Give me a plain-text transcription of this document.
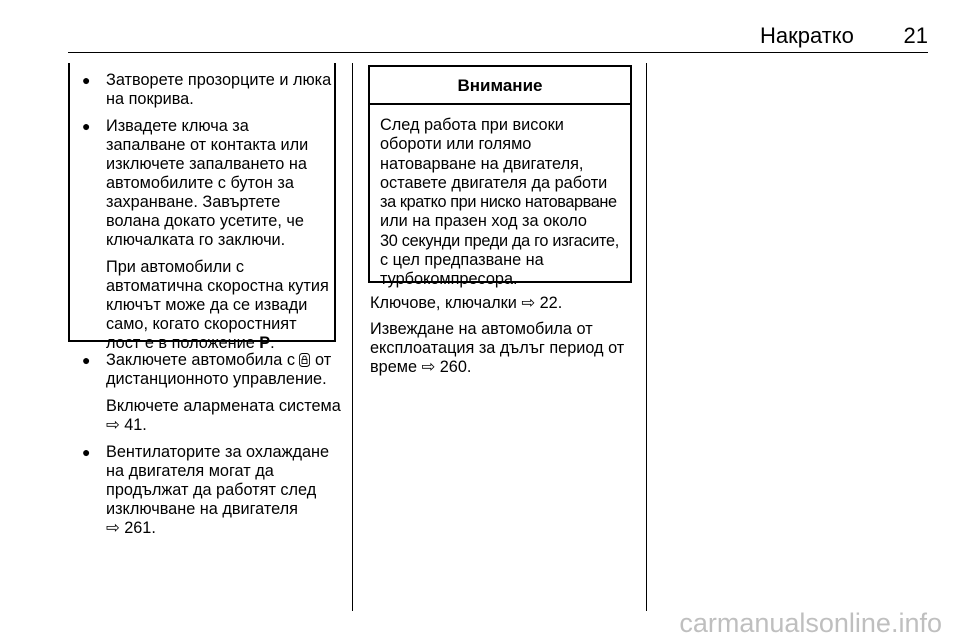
Накратко 21
● Затворете прозорците и люка

на покрива.

● Извадете ключа за

запалване от контакта или

изключете запалването на

автомобилите с бутон за

захранване. Завъртете

волана докато усетите, че

ключалката го заключи.

При автомобили с

автоматична скоростна кутия

ключът може да се извади

само, когато скоростният

лост е в положение P.

● Заключете автомобила с  от

дистанционното управление.

Включете алармената система

⇨ 41.

● Вентилаторите за охлаждане

на двигателя могат да

продължат да работят след

изключване на двигателя

⇨ 261.

Внимание

След работа при високи

обороти или голямо

натоварване на двигателя,

оставете двигателя да работи

за кратко при ниско натоварване

или на празен ход за около

30 секунди преди да го изгасите,

с цел предпазване на

турбокомпресора.

Ключове, ключалки ⇨ 22.

Извеждане на автомобила от

експлоатация за дълъг период от

време ⇨ 260.

carmanualsonline.info
